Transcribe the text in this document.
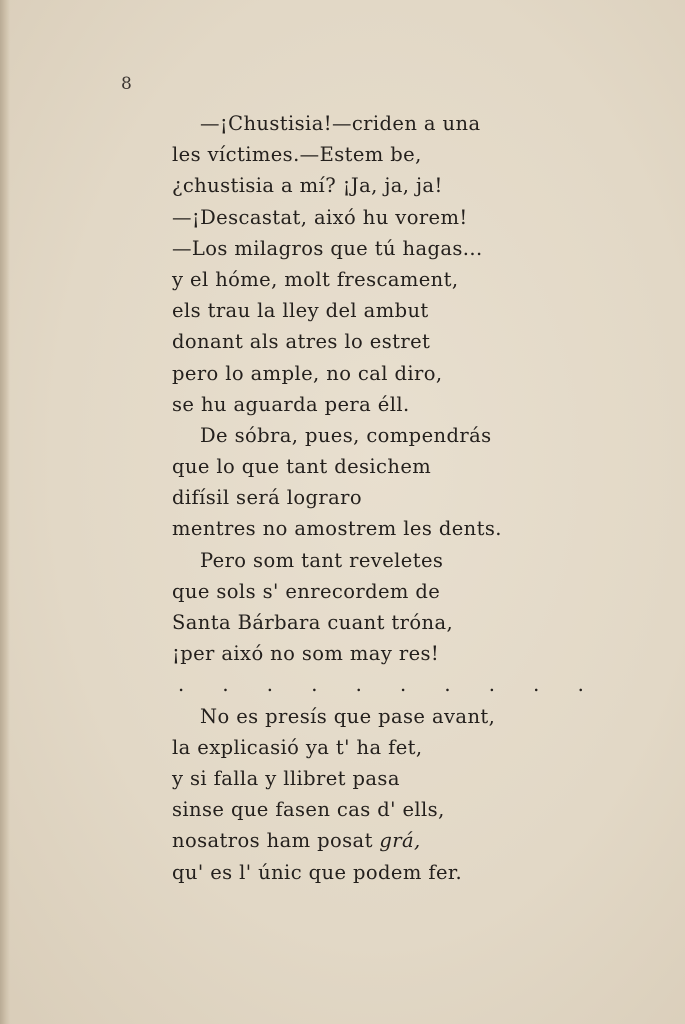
8
—¡Chustisia!—criden a una
les víctimes.—Estem be,
¿chustisia a mí? ¡Ja, ja, ja!
—¡Descastat, aixó hu vorem!
—Los milagros que tú hagas...
y el hóme, molt frescament,
els trau la lley del ambut
donant als atres lo estret
pero lo ample, no cal diro,
se hu aguarda pera éll.
De sóbra, pues, compendrás
que lo que tant desichem
difísil será lograro
mentres no amostrem les dents.
Pero som tant reveletes
que sols s' enrecordem de
Santa Bárbara cuant tróna,
¡per aixó no som may res!
. . . . . . . . . .
No es presís que pase avant,
la explicasió ya t' ha fet,
y si falla y llibret pasa
sinse que fasen cas d' ells,
nosatros ham posat grá,
qu' es l' únic que podem fer.
